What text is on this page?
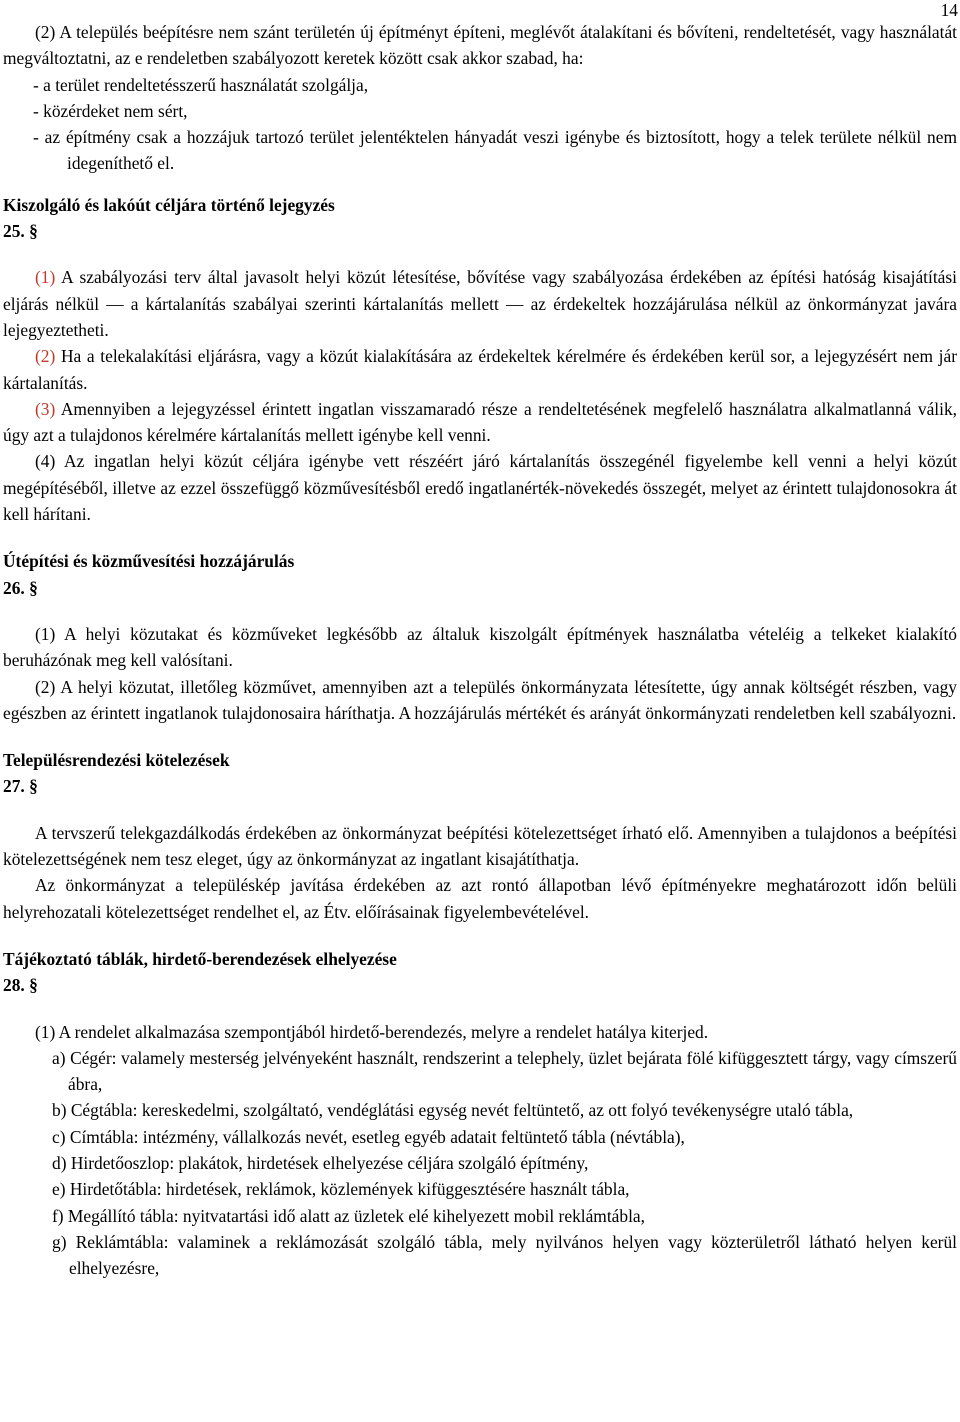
14

(2) A település beépítésre nem szánt területén új építményt építeni, meglévőt átalakítani és bővíteni, rendeltetését, vagy használatát megváltoztatni, az e rendeletben szabályozott keretek között csak akkor szabad, ha:

- a terület rendeltetésszerű használatát szolgálja,

- közérdeket nem sért,

- az építmény csak a hozzájuk tartozó terület jelentéktelen hányadát veszi igénybe és biztosított, hogy a telek területe nélkül nem idegeníthető el.

Kiszolgáló és lakóút céljára történő lejegyzés

25. §

(1) A szabályozási terv által javasolt helyi közút létesítése, bővítése vagy szabályozása érdekében az építési hatóság kisajátítási eljárás nélkül — a kártalanítás szabályai szerinti kártalanítás mellett — az érdekeltek hozzájárulása nélkül az önkormányzat javára lejegyeztetheti.

(2) Ha a telekalakítási eljárásra, vagy a közút kialakítására az érdekeltek kérelmére és érdekében kerül sor, a lejegyzésért nem jár kártalanítás.

(3) Amennyiben a lejegyzéssel érintett ingatlan visszamaradó része a rendeltetésének megfelelő használatra alkalmatlanná válik, úgy azt a tulajdonos kérelmére kártalanítás mellett igénybe kell venni.

(4) Az ingatlan helyi közút céljára igénybe vett részéért járó kártalanítás összegénél figyelembe kell venni a helyi közút megépítéséből, illetve az ezzel összefüggő közművesítésből eredő ingatlanérték-növekedés összegét, melyet az érintett tulajdonosokra át kell hárítani.

Útépítési és közművesítési hozzájárulás

26. §

(1) A helyi közutakat és közműveket legkésőbb az általuk kiszolgált építmények használatba vételéig a telkeket kialakító beruházónak meg kell valósítani.

(2) A helyi közutat, illetőleg közművet, amennyiben azt a település önkormányzata létesítette, úgy annak költségét részben, vagy egészben az érintett ingatlanok tulajdonosaira háríthatja. A hozzájárulás mértékét és arányát önkormányzati rendeletben kell szabályozni.

Településrendezési kötelezések

27. §

A tervszerű telekgazdálkodás érdekében az önkormányzat beépítési kötelezettséget írható elő. Amennyiben a tulajdonos a beépítési kötelezettségének nem tesz eleget, úgy az önkormányzat az ingatlant kisajátíthatja.

Az önkormányzat a településkép javítása érdekében az azt rontó állapotban lévő építményekre meghatározott időn belüli helyrehozatali kötelezettséget rendelhet el, az Étv. előírásainak figyelembevételével.

Tájékoztató táblák, hirdető-berendezések elhelyezése

28. §

(1) A rendelet alkalmazása szempontjából hirdető-berendezés, melyre a rendelet hatálya kiterjed.

a) Cégér: valamely mesterség jelvényeként használt, rendszerint a telephely, üzlet bejárata fölé kifüggesztett tárgy, vagy címszerű ábra,

b) Cégtábla: kereskedelmi, szolgáltató, vendéglátási egység nevét feltüntető, az ott folyó tevékenységre utaló tábla,

c) Címtábla: intézmény, vállalkozás nevét, esetleg egyéb adatait feltüntető tábla (névtábla),

d) Hirdetőoszlop: plakátok, hirdetések elhelyezése céljára szolgáló építmény,

e) Hirdetőtábla: hirdetések, reklámok, közlemények kifüggesztésére használt tábla,

f) Megállító tábla: nyitvatartási idő alatt az üzletek elé kihelyezett mobil reklámtábla,

g) Reklámtábla: valaminek a reklámozását szolgáló tábla, mely nyilvános helyen vagy közterületről látható helyen kerül elhelyezésre,
